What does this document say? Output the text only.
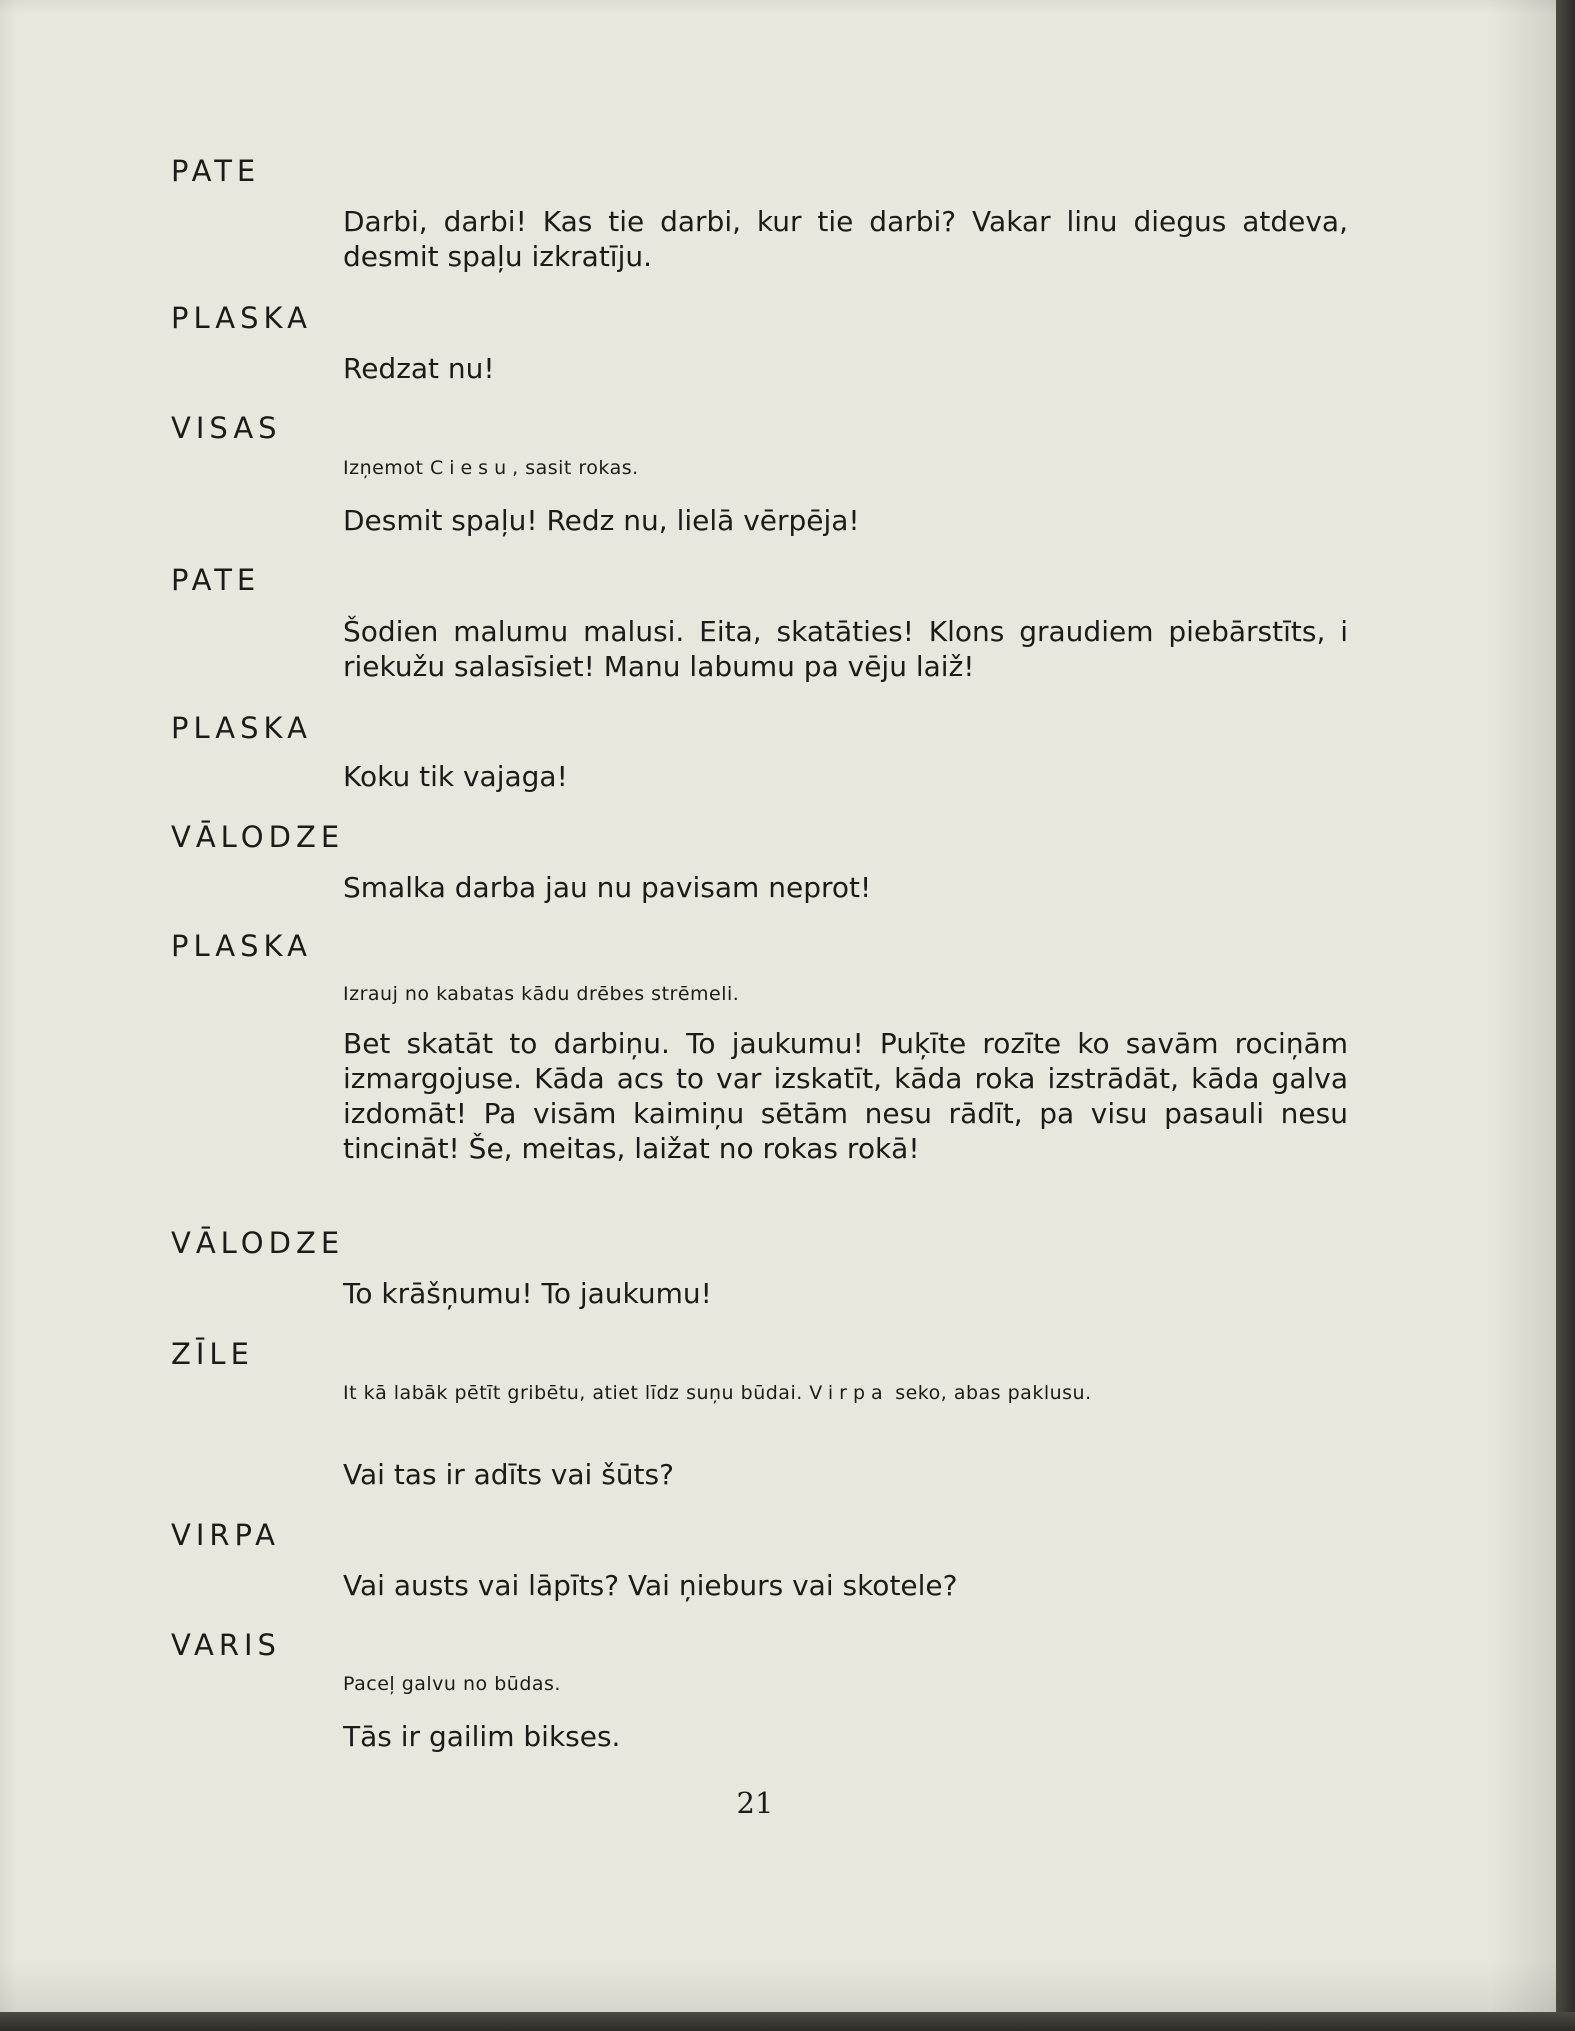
PATE

Darbi, darbi! Kas tie darbi, kur tie darbi? Vakar linu diegus atdeva, desmit spaļu izkratīju.

PLASKA

Redzat nu!

VISAS

Izņemot Ciesu, sasit rokas.

Desmit spaļu! Redz nu, lielā vērpēja!

PATE

Šodien malumu malusi. Eita, skatāties! Klons graudiem piebārstīts, i riekužu salasīsiet! Manu labumu pa vēju laiž!

PLASKA

Koku tik vajaga!

VĀLODZE

Smalka darba jau nu pavisam neprot!

PLASKA

Izrauj no kabatas kādu drēbes strēmeli.

Bet skatāt to darbiņu. To jaukumu! Puķīte rozīte ko savām rociņām izmargojuse. Kāda acs to var izskatīt, kāda roka izstrādāt, kāda galva izdomāt! Pa visām kaimiņu sētām nesu rādīt, pa visu pasauli nesu tincināt! Še, meitas, laižat no rokas rokā!

VĀLODZE

To krāšņumu! To jaukumu!

ZĪLE

It kā labāk pētīt gribētu, atiet līdz suņu būdai. Virpa seko, abas paklusu.

Vai tas ir adīts vai šūts?

VIRPA

Vai austs vai lāpīts? Vai ņieburs vai skotele?

VARIS

Paceļ galvu no būdas.

Tās ir gailim bikses.

21
